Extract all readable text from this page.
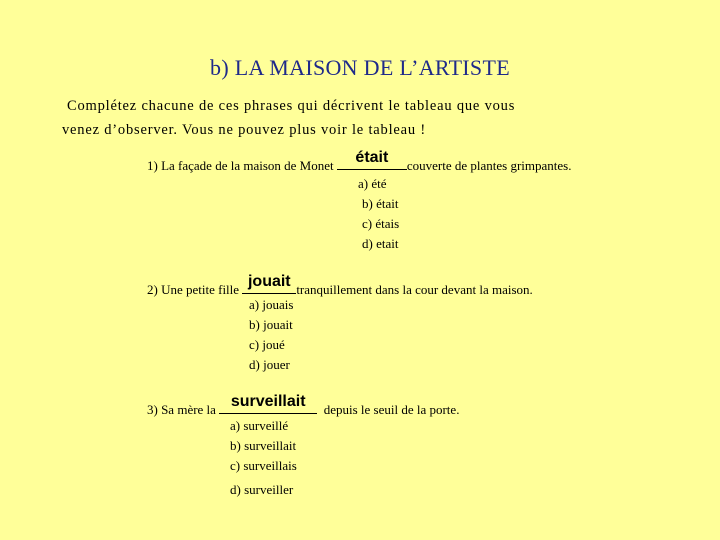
b) LA MAISON DE L’ARTISTE
Complétez chacune de ces phrases qui décrivent le tableau que vous
venez d’observer. Vous ne pouvez plus voir le tableau !
1) La façade de la maison de Monet	était	couverte de plantes grimpantes.
a) été
b) était
c) étais
d) etait
2) Une petite fille jouait tranquillement dans la cour devant la maison.
a) jouais
b) jouait
c) joué
d) jouer
3) Sa mère la surveillait depuis le seuil de la porte.
a) surveillé
b) surveillait
c) surveillais
d) surveiller
